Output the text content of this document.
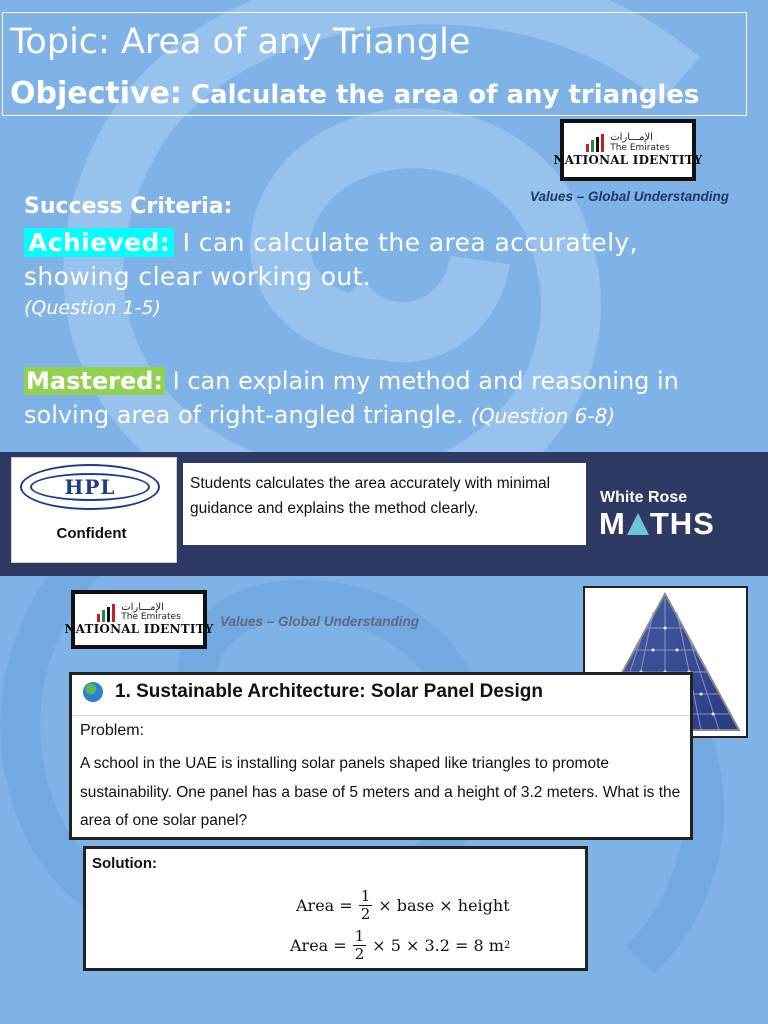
Topic: Area of any Triangle
Objective: Calculate the area of any triangles
الإمـــارات
The Emirates
NATIONAL IDENTITY
Values – Global Understanding
Success Criteria:
Achieved: I can calculate the area accurately, showing clear working out.
(Question 1-5)
Mastered: I can explain my method and reasoning in solving area of right-angled triangle. (Question 6-8)
HPL
Confident
Students calculates the area accurately with minimal guidance and explains the method clearly.
White Rose
M THS
الإمـــارات
The Emirates
NATIONAL IDENTITY
Values – Global Understanding
1. Sustainable Architecture: Solar Panel Design
Problem:
A school in the UAE is installing solar panels shaped like triangles to promote sustainability. One panel has a base of 5 meters and a height of 3.2 meters. What is the area of one solar panel?
Solution:
Area = $\frac{1}{2}$ × base × height
Area = $\frac{1}{2} \times 5 \times 3.2 = 8$ m 2
